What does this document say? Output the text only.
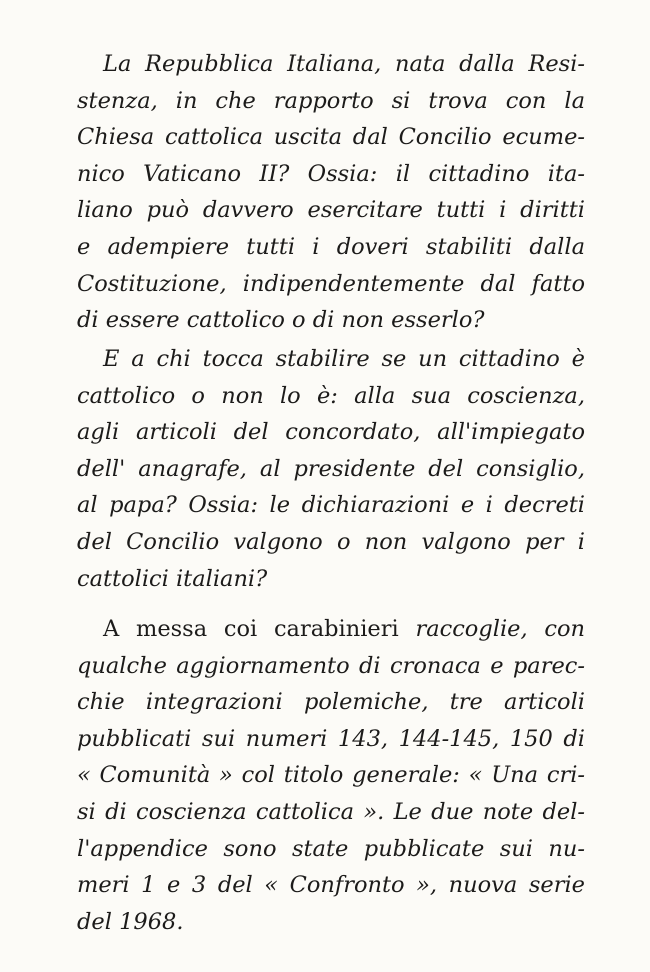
La Repubblica Italiana, nata dalla Resi-
stenza, in che rapporto si trova con la
Chiesa cattolica uscita dal Concilio ecume-
nico Vaticano II? Ossia: il cittadino ita-
liano può davvero esercitare tutti i diritti
e adempiere tutti i doveri stabiliti dalla
Costituzione, indipendentemente dal fatto
di essere cattolico o di non esserlo?
E a chi tocca stabilire se un cittadino è
cattolico o non lo è: alla sua coscienza,
agli articoli del concordato, all'impiegato
dell' anagrafe, al presidente del consiglio,
al papa? Ossia: le dichiarazioni e i decreti
del Concilio valgono o non valgono per i
cattolici italiani?
A messa coi carabinieri raccoglie, con
qualche aggiornamento di cronaca e parec-
chie integrazioni polemiche, tre articoli
pubblicati sui numeri 143, 144-145, 150 di
« Comunità » col titolo generale: « Una cri-
si di coscienza cattolica ». Le due note del-
l'appendice sono state pubblicate sui nu-
meri 1 e 3 del « Confronto », nuova serie
del 1968.
